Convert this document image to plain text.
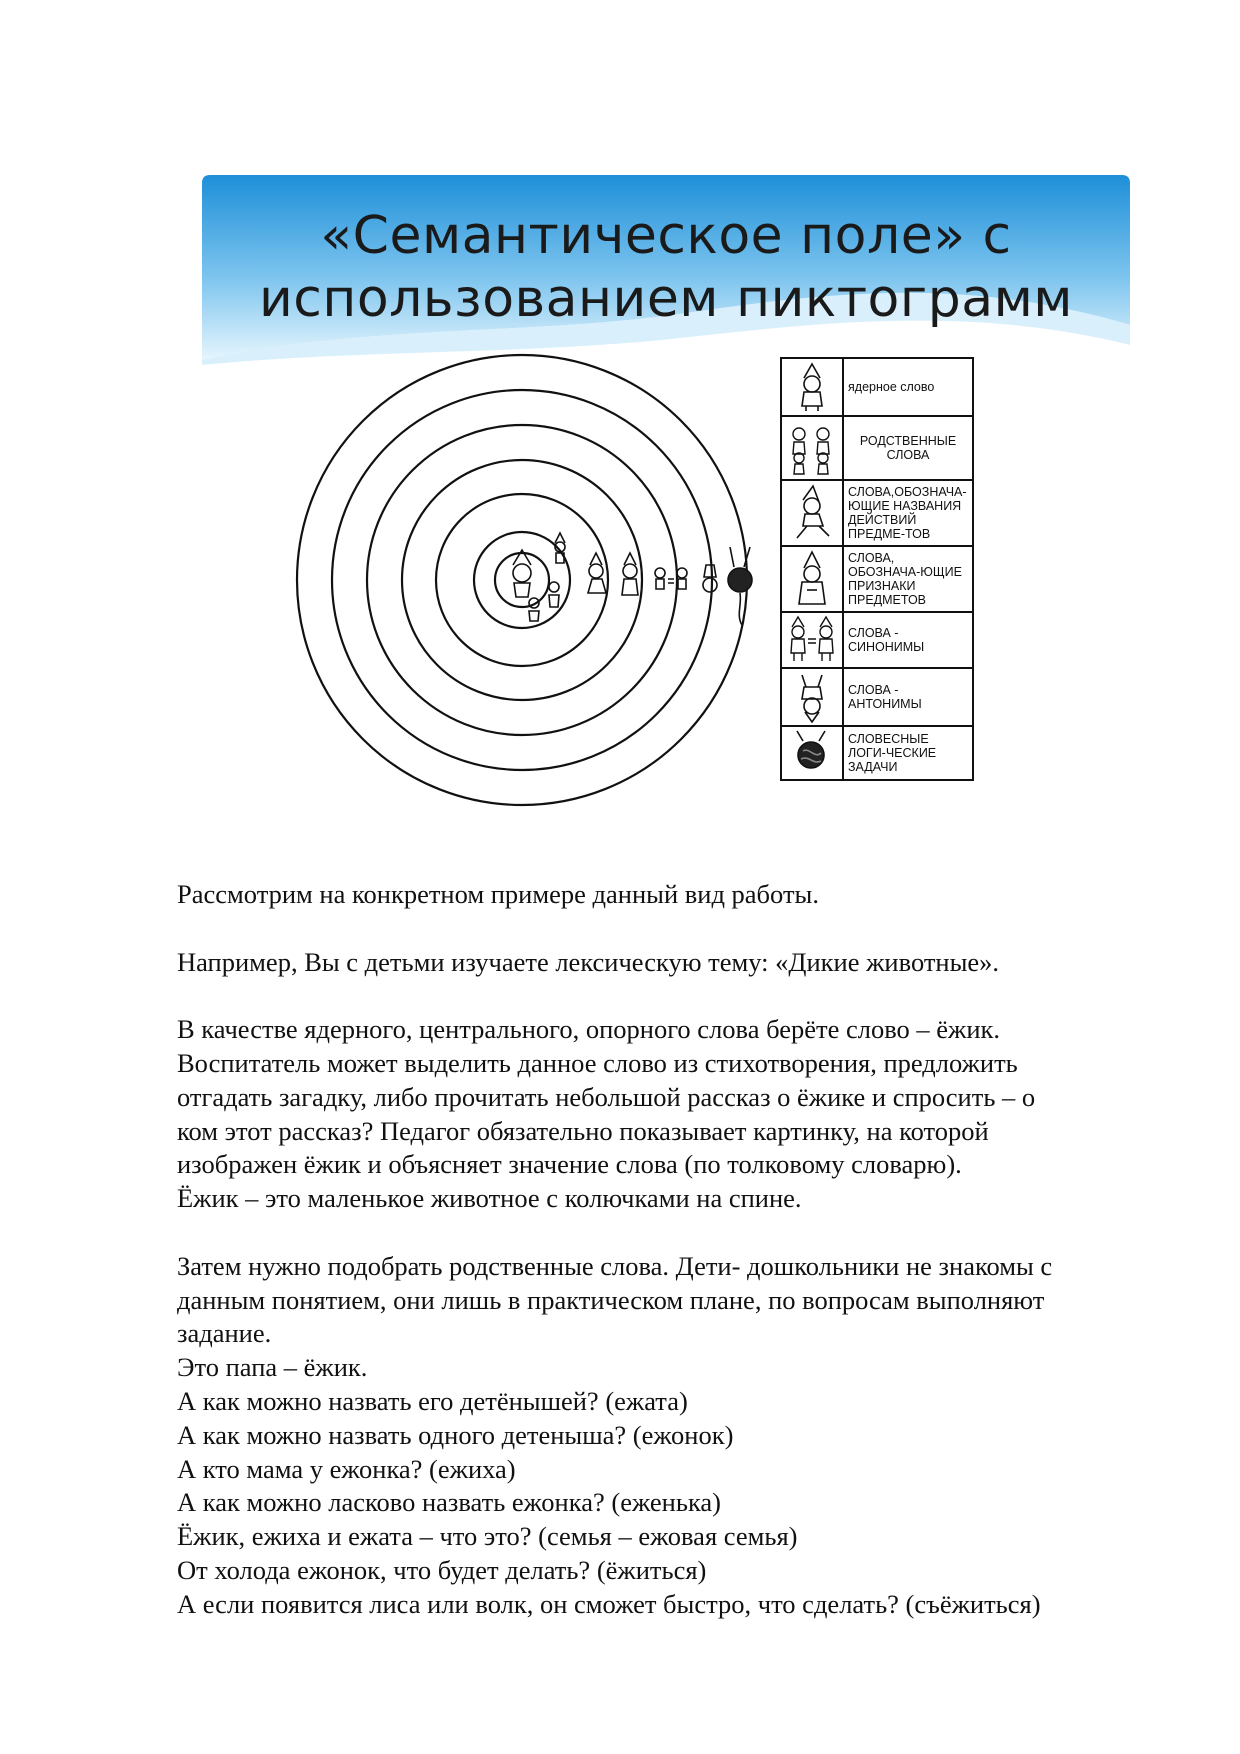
«Семантическое поле» с
использованием пиктограмм
ядерное слово
РОДСТВЕННЫЕ СЛОВА
СЛОВА,ОБОЗНАЧА-ЮЩИЕ НАЗВАНИЯ ДЕЙСТВИЙ ПРЕДМЕ-ТОВ
СЛОВА, ОБОЗНАЧА-ЮЩИЕ ПРИЗНАКИ ПРЕДМЕТОВ
СЛОВА - СИНОНИМЫ
СЛОВА - АНТОНИМЫ
СЛОВЕСНЫЕ ЛОГИ-ЧЕСКИЕ ЗАДАЧИ

Рассмотрим на конкретном примере данный вид работы.

Например, Вы с детьми изучаете лексическую тему: «Дикие животные».

В качестве ядерного, центрального, опорного слова берёте слово – ёжик.

Воспитатель может выделить данное слово из стихотворения, предложить

отгадать загадку, либо прочитать небольшой рассказ о ёжике и спросить – о

ком этот рассказ? Педагог обязательно показывает картинку, на которой

изображен ёжик и объясняет значение слова (по толковому словарю).

Ёжик – это маленькое животное с колючками на спине.

Затем нужно подобрать родственные слова. Дети- дошкольники не знакомы с

данным понятием, они лишь в практическом плане, по вопросам выполняют

задание.

Это папа – ёжик.

А как можно назвать его детёнышей? (ежата)

А как можно назвать одного детеныша? (ежонок)

А кто мама у ежонка? (ежиха)

А как можно ласково назвать ежонка? (еженька)

Ёжик, ежиха и ежата – что это? (семья – ежовая семья)

От холода ежонок, что будет делать? (ёжиться)

А если появится лиса или волк, он сможет быстро, что сделать? (съёжиться)
